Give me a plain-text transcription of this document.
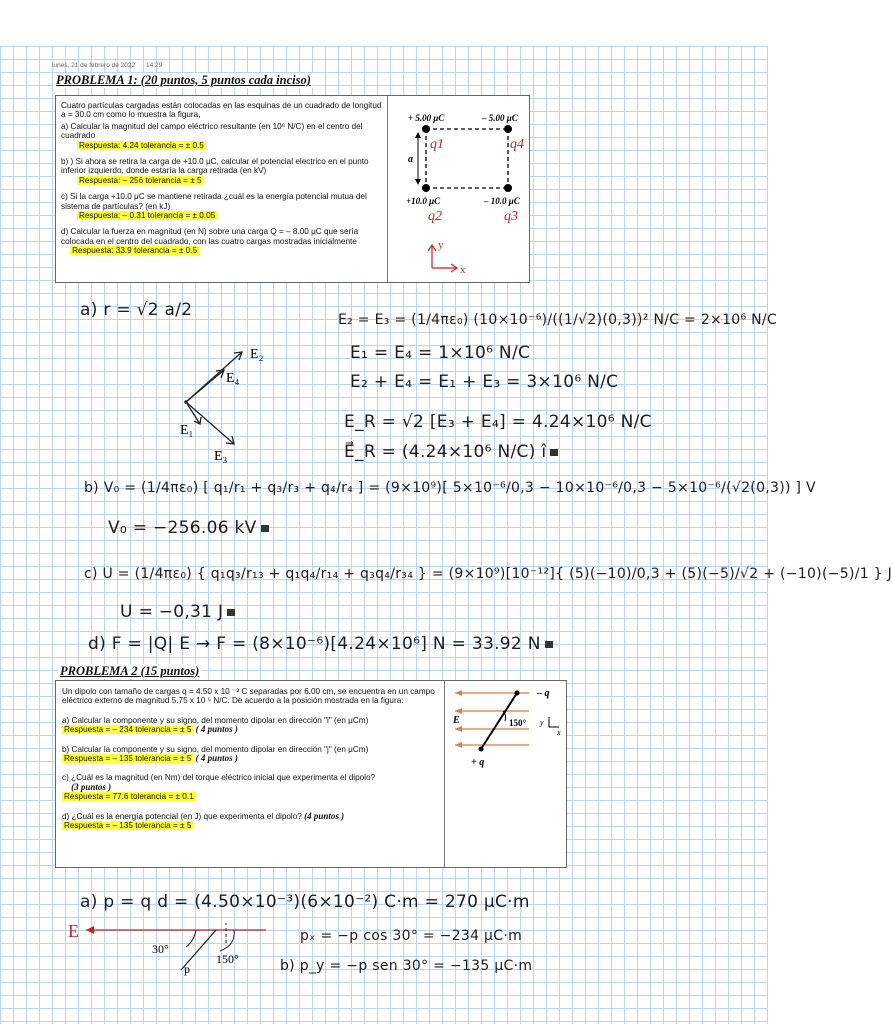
lunes, 21 de febrero de 2022 14:29
PROBLEMA 1: (20 puntos, 5 puntos cada inciso)

Cuatro partículas cargadas están colocadas en las esquinas de un cuadrado de longitud a = 30.0 cm como lo muestra la figura,

a) Calcular la magnitud del campo eléctrico resultante (en 10⁶ N/C) en el centro del cuadrado
Respuesta: 4.24 tolerancia = ± 0.5

b) ) Si ahora se retira la carga de +10.0 μC, calcular el potencial electrico en el punto inferior izquierdo, donde estaría la carga retirada (en kV)
Respuesta: – 256 tolerancia = ± 5

c) Si la carga +10.0 μC se mantiene retirada ¿cuál es la energía potencial mutua del sistema de partículas? (en kJ)
Respuesta: – 0.31 tolerancia = ± 0.05

d) Calcular la fuerza en magnitud (en N) sobre una carga Q = – 8.00 μC que sería colocada en el centro del cuadrado, con las cuatro cargas mostradas inicialmente
Respuesta: 33.9 tolerancia = ± 0.5

+ 5.00 μC	– 5.00 μC
a
+10.0 μC	– 10.0 μC
q1	q4
q2	q3
y
x
a) r = √2 a/2	E₂ = E₃ = (1/4πε₀) (10×10⁻⁶)/((1/√2)(0,3))² N/C = 2×10⁶ N/C
E₁ = E₄ = 1×10⁶ N/C
E₂ + E₄ = E₁ + E₃ = 3×10⁶ N/C
E_R = √2 [E₃ + E₄] = 4.24×10⁶ N/C
E⃗_R = (4.24×10⁶ N/C) î
E₂
E₄
E₁
E₃
b) V₀ = (1/4πε₀) [ q₁/r₁ + q₃/r₃ + q₄/r₄ ] = (9×10⁹)[ 5×10⁻⁶/0,3 − 10×10⁻⁶/0,3 − 5×10⁻⁶/(√2(0,3)) ] V
V₀ = −256.06 kV
c) U = (1/4πε₀) { q₁q₃/r₁₃ + q₁q₄/r₁₄ + q₃q₄/r₃₄ } = (9×10⁹)[10⁻¹²]{ (5)(−10)/0,3 + (5)(−5)/√2 + (−10)(−5)/1 } J
U = −0,31 J
d) F = |Q| E → F = (8×10⁻⁶)[4.24×10⁶] N = 33.92 N
PROBLEMA 2 (15 puntos)

Un dipolo con tamaño de cargas q = 4.50 x 10 ⁻³ C separadas por 6.00 cm, se encuentra en un campo eléctrico externo de magnitud 5.75 x 10 ⁵ N/C. De acuerdo a la posición mostrada en la figura:

a) Calcular la componente y su signo, del momento dipolar en dirección "i" (en μCm)
Respuesta = – 234 tolerancia = ± 5 ( 4 puntos )

b) Calcular la componente y su signo, del momento dipolar en dirección "j" (en μCm)
Respuesta = – 135 tolerancia = ± 5 ( 4 puntos )

c) ¿Cuál es la magnitud (en Nm) del torque eléctrico inicial que experimenta el dipolo?
(3 puntos )
Respuesta = 77.6 tolerancia = ± 0.1

d) ¿Cuál es la energía potencial (en J) que experimenta el dipolo? (4 puntos )
Respuesta = – 135 tolerancia = ± 5

E
– q
+ q
150° y
x
a) p = q d = (4.50×10⁻³)(6×10⁻²) C·m = 270 μC·m
pₓ = −p cos 30° = −234 μC·m
b) p_y = −p sen 30° = −135 μC·m
E
30°
150°
p
